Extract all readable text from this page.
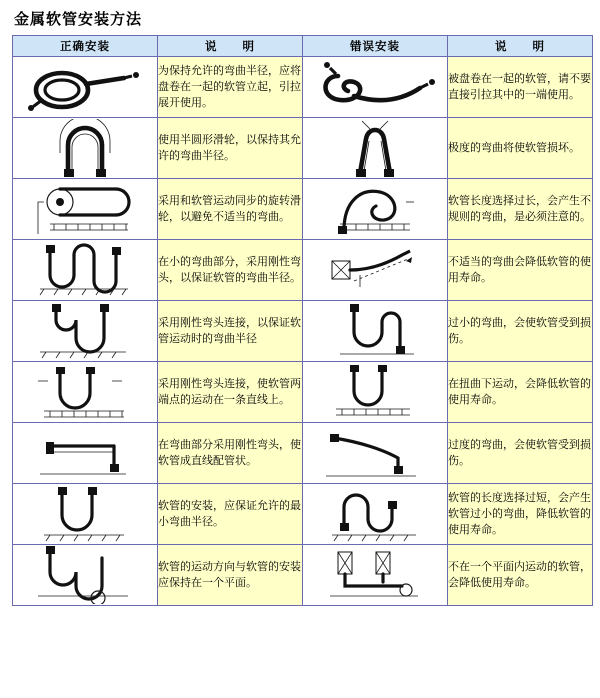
金属软管安装方法
正确安装	说　　明	错误安装	说　　明

	为保持允许的弯曲半径，应将盘卷在一起的软管立起，引拉展开使用。		被盘卷在一起的软管，请不要直接引拉其中的一端使用。

	使用半圆形滑轮，以保持其允许的弯曲半径。		极度的弯曲将使软管损坏。

	采用和软管运动同步的旋转滑轮，以避免不适当的弯曲。		软管长度选择过长，会产生不规则的弯曲，是必须注意的。

	在小的弯曲部分，采用刚性弯头，以保证软管的弯曲半径。		不适当的弯曲会降低软管的使用寿命。

	采用刚性弯头连接，以保证软管运动时的弯曲半径		过小的弯曲，会使软管受到损伤。

	采用刚性弯头连接，使软管两端点的运动在一条直线上。		在扭曲下运动，会降低软管的使用寿命。

	在弯曲部分采用刚性弯头，使软管成直线配管状。		过度的弯曲，会使软管受到损伤。

	软管的安装，应保证允许的最小弯曲半径。		软管的长度选择过短，会产生软管过小的弯曲，降低软管的使用寿命。

	软管的运动方向与软管的安装应保持在一个平面。		不在一个平面内运动的软管，会降低使用寿命。
